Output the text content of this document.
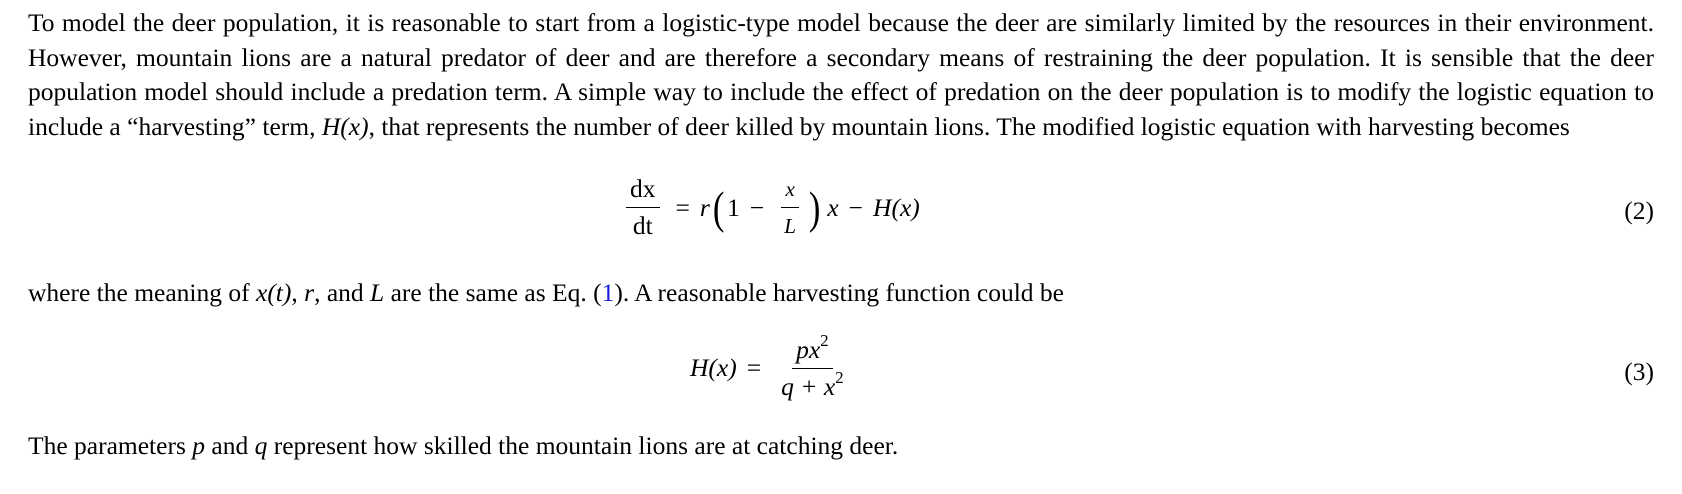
To model the deer population, it is reasonable to start from a logistic-type model because the deer are similarly limited by the resources in their environment. However, mountain lions are a natural predator of deer and are therefore a secondary means of restraining the deer population. It is sensible that the deer population model should include a predation term. A simple way to include the effect of predation on the deer population is to modify the logistic equation to include a “harvesting” term, H(x), that represents the number of deer killed by mountain lions. The modified logistic equation with harvesting becomes

$\frac{dx}{dt} = r$ ( $1 - \frac{x}{L}$ ) x − H(x)	(2)

where the meaning of x(t), r, and L are the same as Eq. (1). A reasonable harvesting function could be

$H(x) = \frac{px^2}{q + x^2}$	(3)

The parameters p and q represent how skilled the mountain lions are at catching deer.
